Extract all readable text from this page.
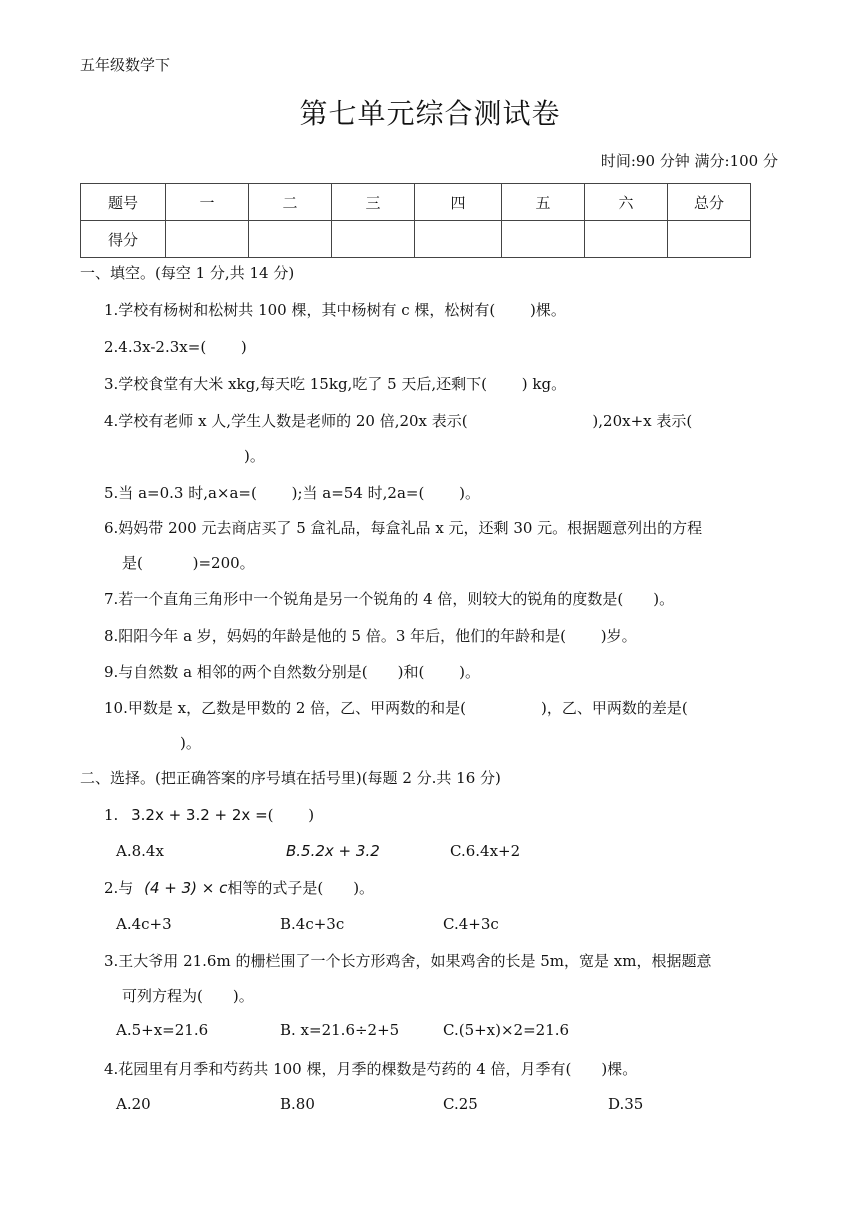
五年级数学下
第七单元综合测试卷
时间:90 分钟 满分:100 分
题号	一	二	三	四	五	六	总分
得分							
一、填空。(每空 1 分,共 14 分)
1.学校有杨树和松树共 100 棵，其中杨树有 c 棵，松树有(　　 )棵。
2.4.3x-2.3x=(　　 )
3.学校食堂有大米 xkg,每天吃 15kg,吃了 5 天后,还剩下(　　 ) kg。
4.学校有老师 x 人,学生人数是老师的 20 倍,20x 表示(　　　　　　　　 ),20x+x 表示(
)。
5.当 a=0.3 时,a×a=(　　 );当 a=54 时,2a=(　　 )。
6.妈妈带 200 元去商店买了 5 盒礼品，每盒礼品 x 元，还剩 30 元。根据题意列出的方程
是(　　　 )=200。
7.若一个直角三角形中一个锐角是另一个锐角的 4 倍，则较大的锐角的度数是(　　)。
8.阳阳今年 a 岁，妈妈的年龄是他的 5 倍。3 年后，他们的年龄和是(　　 )岁。
9.与自然数 a 相邻的两个自然数分别是(　　)和(　　 )。
10.甲数是 x，乙数是甲数的 2 倍，乙、甲两数的和是(　　　　　)，乙、甲两数的差是(
)。
二、选择。(把正确答案的序号填在括号里)(每题 2 分.共 16 分)
1. 3.2x + 3.2 + 2x =(　　 )
A.8.4x	B.5.2x + 3.2	C.6.4x+2
2.与 (4 + 3) × c相等的式子是(　　)。
A.4c+3	B.4c+3c	C.4+3c
3.王大爷用 21.6m 的栅栏围了一个长方形鸡舍，如果鸡舍的长是 5m，宽是 xm，根据题意
可列方程为(　　)。
A.5+x=21.6	B. x=21.6÷2+5	C.(5+x)×2=21.6
4.花园里有月季和芍药共 100 棵，月季的棵数是芍药的 4 倍，月季有(　　)棵。
A.20	B.80	C.25	D.35
